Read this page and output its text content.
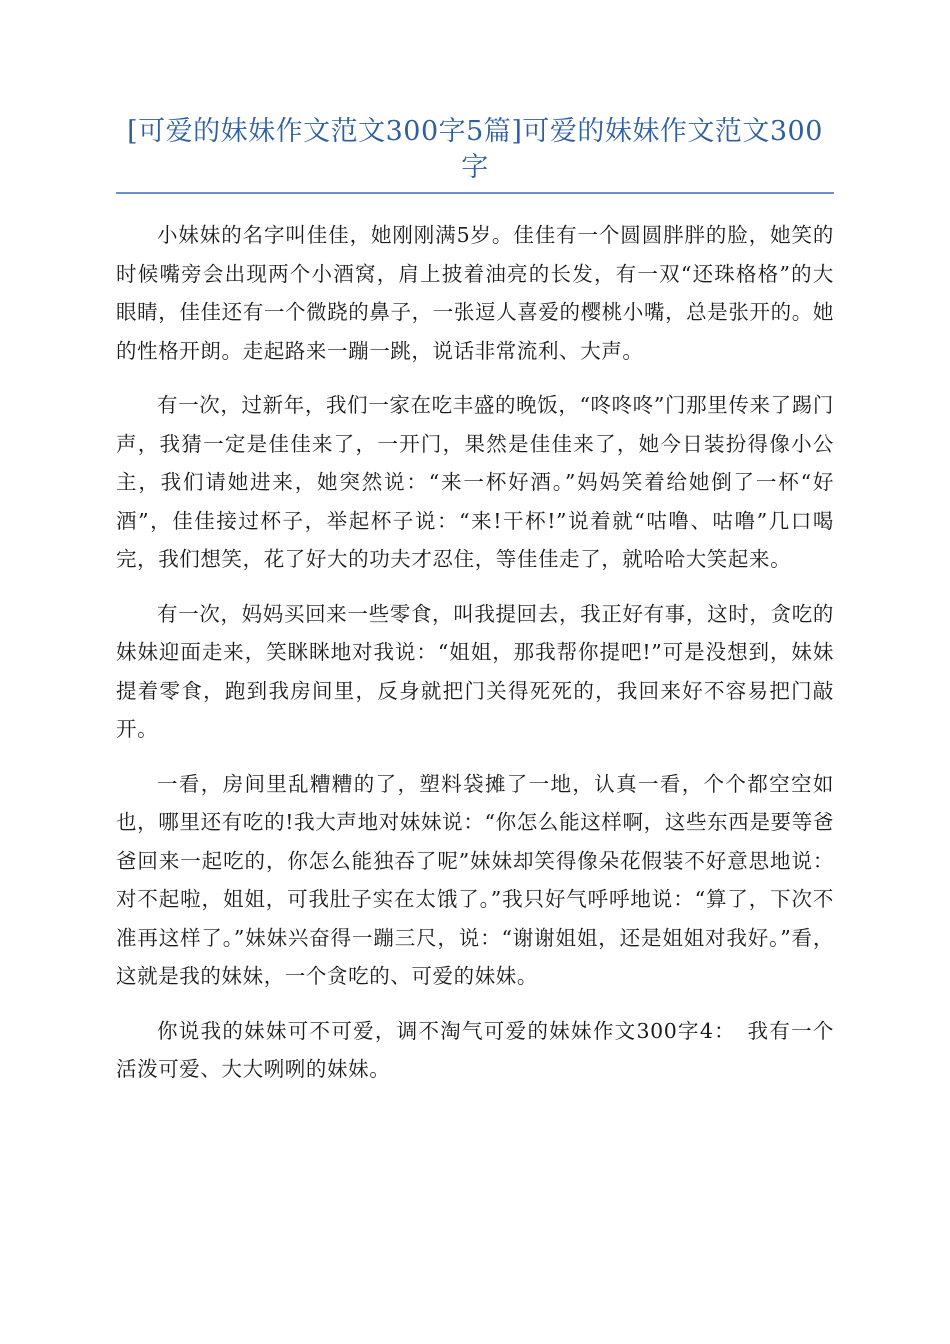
[可爱的妹妹作文范文300字5篇]可爱的妹妹作文范文300字

小妹妹的名字叫佳佳，她刚刚满5岁。佳佳有一个圆圆胖胖的脸，她笑的时候嘴旁会出现两个小酒窝，肩上披着油亮的长发，有一双“还珠格格”的大眼睛，佳佳还有一个微跷的鼻子，一张逗人喜爱的樱桃小嘴，总是张开的。她的性格开朗。走起路来一蹦一跳，说话非常流利、大声。

有一次，过新年，我们一家在吃丰盛的晚饭，“咚咚咚”门那里传来了踢门声，我猜一定是佳佳来了，一开门，果然是佳佳来了，她今日装扮得像小公主，我们请她进来，她突然说：“来一杯好酒。”妈妈笑着给她倒了一杯“好酒”，佳佳接过杯子，举起杯子说：“来!干杯!”说着就“咕噜、咕噜”几口喝完，我们想笑，花了好大的功夫才忍住，等佳佳走了，就哈哈大笑起来。

有一次，妈妈买回来一些零食，叫我提回去，我正好有事，这时，贪吃的妹妹迎面走来，笑眯眯地对我说：“姐姐，那我帮你提吧!”可是没想到，妹妹提着零食，跑到我房间里，反身就把门关得死死的，我回来好不容易把门敲开。

一看，房间里乱糟糟的了，塑料袋摊了一地，认真一看，个个都空空如也，哪里还有吃的!我大声地对妹妹说：“你怎么能这样啊，这些东西是要等爸爸回来一起吃的，你怎么能独吞了呢”妹妹却笑得像朵花假装不好意思地说：对不起啦，姐姐，可我肚子实在太饿了。”我只好气呼呼地说：“算了，下次不准再这样了。”妹妹兴奋得一蹦三尺，说：“谢谢姐姐，还是姐姐对我好。”看，这就是我的妹妹，一个贪吃的、可爱的妹妹。

你说我的妹妹可不可爱，调不淘气可爱的妹妹作文300字4：　我有一个活泼可爱、大大咧咧的妹妹。
